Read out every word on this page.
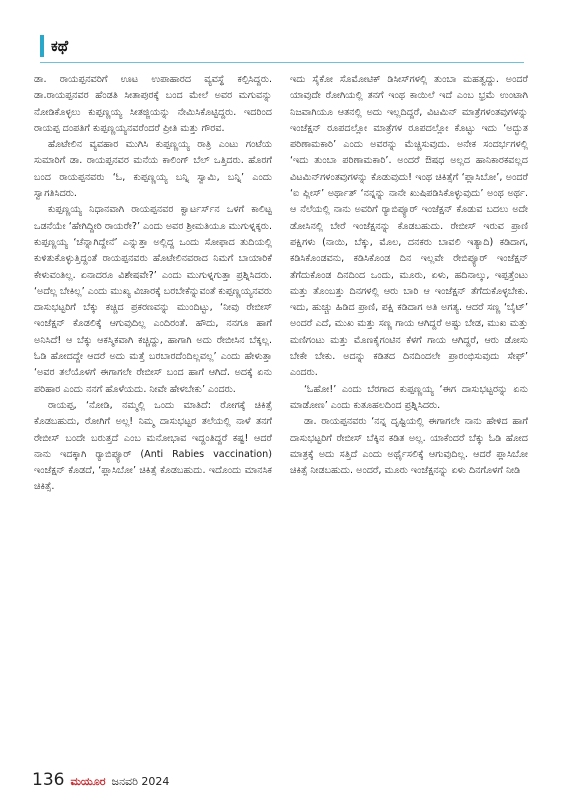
ಕಥೆ

ಡಾ. ರಾಯಪ್ಪನವರಿಗೆ ಊಟ ಉಪಾಹಾರದ ವ್ಯವಸ್ಥೆ ಕಲ್ಪಿಸಿದ್ದರು. ಡಾ.ರಾಯಪ್ಪನವರ ಹೆಂಡತಿ ಸೀತಾಪುರಕ್ಕೆ ಬಂದ ಮೇಲೆ ಅವರ ಮಗುವನ್ನು ನೋಡಿಕೊಳ್ಳಲು ಕುಪ್ಪಣ್ಣಯ್ಯ ಸೀತಜ್ಜಿಯನ್ನು ನೇಮಿಸಿಕೊಟ್ಟಿದ್ದರು. ಇದರಿಂದ ರಾಯಪ್ಪ ದಂಪತಿಗೆ ಕುಪ್ಪಣ್ಣಯ್ಯನವರೆಂದರೆ ಪ್ರೀತಿ ಮತ್ತು ಗೌರವ.

ಹೊಟೇಲಿನ ವ್ಯವಹಾರ ಮುಗಿಸಿ ಕುಪ್ಪಣ್ಣಯ್ಯ ರಾತ್ರಿ ಎಂಟು ಗಂಟೆಯ ಸುಮಾರಿಗೆ ಡಾ. ರಾಯಪ್ಪನವರ ಮನೆಯ ಕಾಲಿಂಗ್ ಬೆಲ್ ಒತ್ತಿದರು. ಹೊರಗೆ ಬಂದ ರಾಯಪ್ಪನವರು ‘ಓ, ಕುಪ್ಪಣ್ಣಯ್ಯ ಬನ್ನಿ ಸ್ವಾಮಿ, ಬನ್ನಿ’ ಎಂದು ಸ್ವಾಗತಿಸಿದರು.

ಕುಪ್ಪಣ್ಣಯ್ಯ ನಿಧಾನವಾಗಿ ರಾಯಪ್ಪನವರ ಕ್ವಾರ್ಟರ್ಸ್‌ನ ಒಳಗೆ ಕಾಲಿಟ್ಟ ಒಡನೆಯೇ ‘ಹೇಗಿದ್ದೀರಿ ರಾಯರೇ?’ ಎಂದು ಅವರ ಶ್ರೀಮತಿಯೂ ಮುಗುಳ್ನಕ್ಕರು. ಕುಪ್ಪಣ್ಣಯ್ಯ ‘ಚೆನ್ನಾಗಿದ್ದೇನೆ’ ಎನ್ನುತ್ತಾ ಅಲ್ಲಿದ್ದ ಒಂದು ಸೋಫಾದ ತುದಿಯಲ್ಲಿ ಕುಳಿತುಕೊಳ್ಳುತ್ತಿದ್ದಂತೆ ರಾಯಪ್ಪನವರು ಹೊಟೇಲಿನವರಾದ ನಿಮಗೆ ಬಾಯಾರಿಕೆ ಕೇಳುವಂತಿಲ್ಲ. ಏನಾದರೂ ವಿಶೇಷವೇ?’ ಎಂದು ಮುಗುಳ್ನಗುತ್ತಾ ಪ್ರಶ್ನಿಸಿದರು. ‘ಅದೆಲ್ಲ ಬೇಕಿಲ್ಲ’ ಎಂದು ಮುಖ್ಯ ವಿಚಾರಕ್ಕೆ ಬರಬೇಕೆನ್ನುವಂತೆ ಕುಪ್ಪಣ್ಣಯ್ಯನವರು ದಾಸುಭಟ್ಟರಿಗೆ ಬೆಕ್ಕು ಕಚ್ಚಿದ ಪ್ರಕರಣವನ್ನು ಮುಂದಿಟ್ಟು, ‘ನೀವು ರೇಬೀಸ್ ಇಂಜೆಕ್ಷನ್ ಕೊಡಲಿಕ್ಕೆ ಆಗುವುದಿಲ್ಲ ಎಂದಿರಂತೆ. ಹೌದು, ನನಗೂ ಹಾಗೆ ಅನಿಸಿದೆ! ಆ ಬೆಕ್ಕು ಆಕಸ್ಮಿಕವಾಗಿ ಕಚ್ಚಿದ್ದು, ಹಾಗಾಗಿ ಅದು ರೇಬೀಸಿನ ಬೆಕ್ಕಲ್ಲ. ಓಡಿ ಹೋದದ್ದೇ ಆದರೆ ಅದು ಮತ್ತೆ ಬರಬಾರದೆಂದಿಲ್ಲವಲ್ಲ’ ಎಂದು ಹೇಳುತ್ತಾ ‘ಅವರ ತಲೆಯೊಳಗೆ ಈಗಾಗಲೇ ರೇಬೀಸ್ ಬಂದ ಹಾಗೆ ಆಗಿದೆ. ಅದಕ್ಕೆ ಏನು ಪರಿಹಾರ ಎಂದು ನನಗೆ ಹೊಳೆಯದು. ನೀವೇ ಹೇಳಬೇಕು’ ಎಂದರು.

ರಾಯಪ್ಪ, ‘ನೋಡಿ, ನಮ್ಮಲ್ಲಿ ಒಂದು ಮಾತಿದೆ: ರೋಗಕ್ಕೆ ಚಿಕಿತ್ಸೆ ಕೊಡಬಹುದು, ರೋಗಿಗೆ ಅಲ್ಲ! ನಿಮ್ಮ ದಾಸುಭಟ್ಟರ ತಲೆಯಲ್ಲಿ ನಾಳೆ ತನಗೆ ರೇಬೀಸ್ ಬಂದೇ ಬರುತ್ತದೆ ಎಂಬ ಮನೋಭಾವ ಇದ್ದಂತಿದ್ದರೆ ಕಷ್ಟ! ಆದರೆ ನಾನು ಇದಕ್ಕಾಗಿ ರ್‍ಯಾಬಿಪ್ಯೂರ್ (Anti Rabies vaccination) ಇಂಜೆಕ್ಷನ್ ಕೊಡದೆ, ‘ಪ್ಲಾಸಿಬೋ’ ಚಿಕಿತ್ಸೆ ಕೊಡಬಹುದು. ಇದೊಂದು ಮಾನಸಿಕ ಚಿಕಿತ್ಸೆ.

ಇದು ಸೈಕೋ ಸೊಮೋಟಿಕ್ ಡಿಸೀಸ್‌ಗಳಲ್ಲಿ ತುಂಬಾ ಮಹತ್ವದ್ದು. ಅಂದರೆ ಯಾವುದೇ ರೋಗಿಯಲ್ಲಿ ತನಗೆ ಇಂಥ ಕಾಯಿಲೆ ಇದೆ ಎಂಬ ಭ್ರಮೆ ಉಂಟಾಗಿ ನಿಜವಾಗಿಯೂ ಆತನಲ್ಲಿ ಅದು ಇಲ್ಲದಿದ್ದರೆ, ವಿಟಮಿನ್ ಮಾತ್ರೆಗಳಂತವುಗಳನ್ನು ಇಂಜೆಕ್ಷನ್ ರೂಪದಲ್ಲೋ ಮಾತ್ರೆಗಳ ರೂಪದಲ್ಲೋ ಕೊಟ್ಟು ಇದು ‘ಅದ್ಭುತ ಪರಿಣಾಮಕಾರಿ’ ಎಂದು ಅವರನ್ನು ಮೆಚ್ಚಿಸುವುದು. ಅನೇಕ ಸಂದರ್ಭಗಳಲ್ಲಿ ‘ಇದು ತುಂಬಾ ಪರಿಣಾಮಕಾರಿ’. ಅಂದರೆ ಔಷಧ ಅಲ್ಲದ ಹಾನಿಕಾರಕವಲ್ಲದ ವಿಟಮಿನ್‌ಗಳಂತವುಗಳನ್ನು ಕೊಡುವುದು! ಇಂಥ ಚಿಕಿತ್ಸೆಗೆ ‘ಪ್ಲಾಸಿಬೋ’, ಅಂದರೆ ‘ಐ ಪ್ಲೀಸ್’ ಅರ್ಥಾತ್ ‘ನನ್ನನ್ನು ನಾನೇ ಖುಷಿಪಡಿಸಿಕೊಳ್ಳುವುದು’ ಅಂಥ ಅರ್ಥ. ಆ ನೆಲೆಯಲ್ಲಿ ನಾನು ಅವರಿಗೆ ರ್‍ಯಾಬಿಪ್ಯೂರ್ ಇಂಜೆಕ್ಷನ್ ಕೊಡುವ ಬದಲು ಅದೇ ಡೋಸಿನಲ್ಲಿ ಬೇರೆ ಇಂಜೆಕ್ಷನನ್ನು ಕೊಡಬಹುದು. ರೇಬೀಸ್ ಇರುವ ಪ್ರಾಣಿ ಪಕ್ಷಿಗಳು (ನಾಯಿ, ಬೆಕ್ಕು, ಮೊಲ, ದನಕರು ಬಾವಲಿ ಇತ್ಯಾದಿ) ಕಡಿದಾಗ, ಕಡಿಸಿಕೊಂಡವನು, ಕಡಿಸಿಕೊಂಡ ದಿನ ಇಲ್ಲವೇ ರೇಬಿಪ್ಯೂರ್ ಇಂಜೆಕ್ಷನ್ ತೆಗೆದುಕೊಂಡ ದಿನದಿಂದ ಒಂದು, ಮೂರು, ಏಳು, ಹದಿನಾಲ್ಕು, ಇಪ್ಪತ್ತೆಂಟು ಮತ್ತು ತೊಂಬತ್ತು ದಿನಗಳಲ್ಲಿ ಆರು ಬಾರಿ ಆ ಇಂಜೆಕ್ಷನ್ ತೆಗೆದುಕೊಳ್ಳಬೇಕು. ಇದು, ಹುಚ್ಚು ಹಿಡಿದ ಪ್ರಾಣಿ, ಪಕ್ಷಿ ಕಡಿದಾಗ ಅತಿ ಅಗತ್ಯ. ಆದರೆ ಸಣ್ಣ ‘ಬೈಟ್’ ಅಂದರೆ ಎದೆ, ಮುಖ ಮತ್ತು ಸಣ್ಣ ಗಾಯ ಆಗಿದ್ದರೆ ಅಷ್ಟು ಬೇಡ, ಮುಖ ಮತ್ತು ಮಣಿಗಂಟು ಮತ್ತು ಮೊಣಕೈಗಂಟಿನ ಕೆಳಗೆ ಗಾಯ ಆಗಿದ್ದರೆ, ಆರು ಡೋಸು ಬೇಕೇ ಬೇಕು. ಅದನ್ನು ಕಡಿತದ ದಿನದಿಂದಲೇ ಪ್ರಾರಂಭಿಸುವುದು ಸೇಫ್’ ಎಂದರು.

‘ಓಹೋ!’ ಎಂದು ಬೆರಗಾದ ಕುಪ್ಪಣ್ಣಯ್ಯ ‘ಈಗ ದಾಸುಭಟ್ಟರನ್ನು ಏನು ಮಾಡೋಣ’ ಎಂದು ಕುತೂಹಲದಿಂದ ಪ್ರಶ್ನಿಸಿದರು.

ಡಾ. ರಾಯಪ್ಪನವರು ‘ನನ್ನ ದೃಷ್ಟಿಯಲ್ಲಿ ಈಗಾಗಲೇ ನಾನು ಹೇಳಿದ ಹಾಗೆ ದಾಸುಭಟ್ಟರಿಗೆ ರೇಬೀಸ್ ಬೆಕ್ಕಿನ ಕಡಿತ ಅಲ್ಲ. ಯಾಕೆಂದರೆ ಬೆಕ್ಕು ಓಡಿ ಹೋದ ಮಾತ್ರಕ್ಕೆ ಅದು ಸತ್ತಿದೆ ಎಂದು ಅರ್ಥೈಸಲಿಕ್ಕೆ ಆಗುವುದಿಲ್ಲ. ಆದರೆ ಪ್ಲಾಸಿಬೋ ಚಿಕಿತ್ಸೆ ನೀಡಬಹುದು. ಅಂದರೆ, ಮೂರು ಇಂಜೆಕ್ಷನನ್ನು ಏಳು ದಿನಗೊಳಗೆ ನೀಡಿ

136 ಮಯೂರ ಜನವರಿ 2024
